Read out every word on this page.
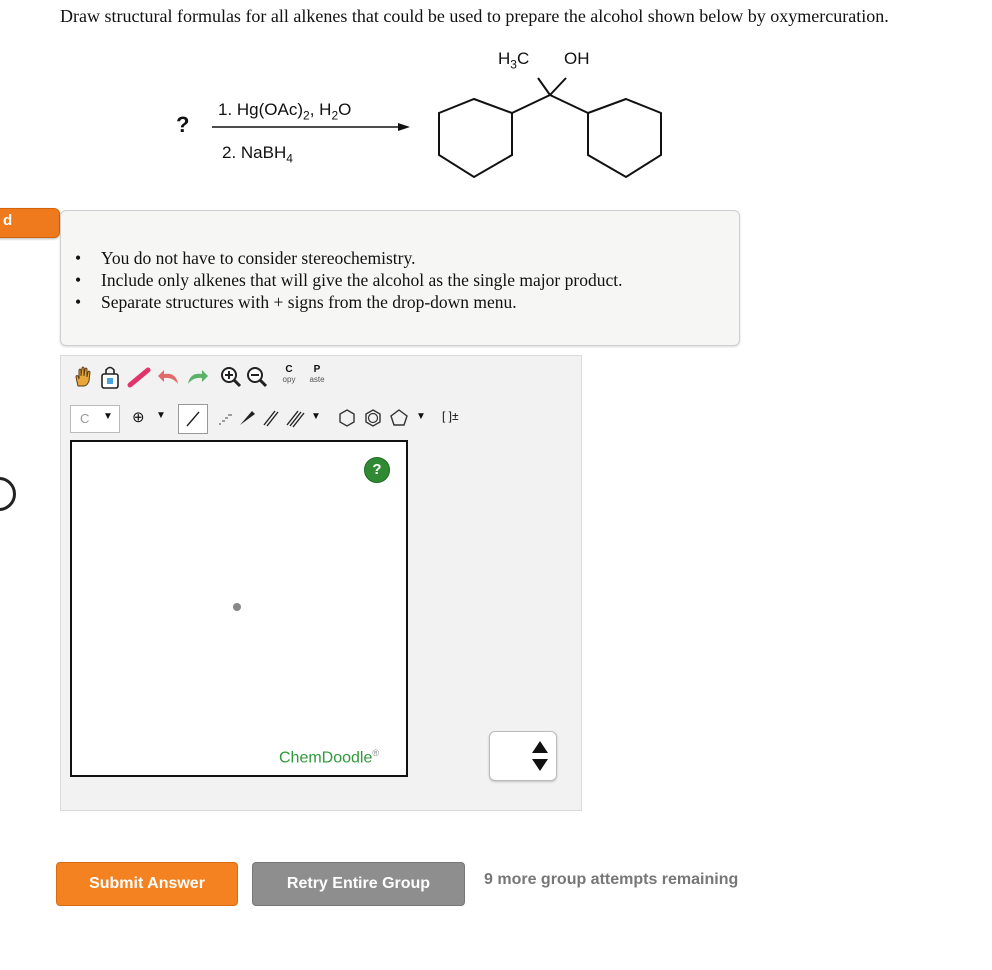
Draw structural formulas for all alkenes that could be used to prepare the alcohol shown below by oxymercuration.
?
1. $Hg(OAc)_2$, $H_2O$
2. NaBH$_4$
$H_3C$ OH
d
• You do not have to consider stereochemistry.
• Include only alkenes that will give the alcohol as the single major product.
• Separate structures with + signs from the drop-down menu.
C
opy
P
aste
C ▼ ⊕ ▼	▼	▼ [ ]±
?
ChemDoodle®
Submit Answer	Retry Entire Group	9 more group attempts remaining
